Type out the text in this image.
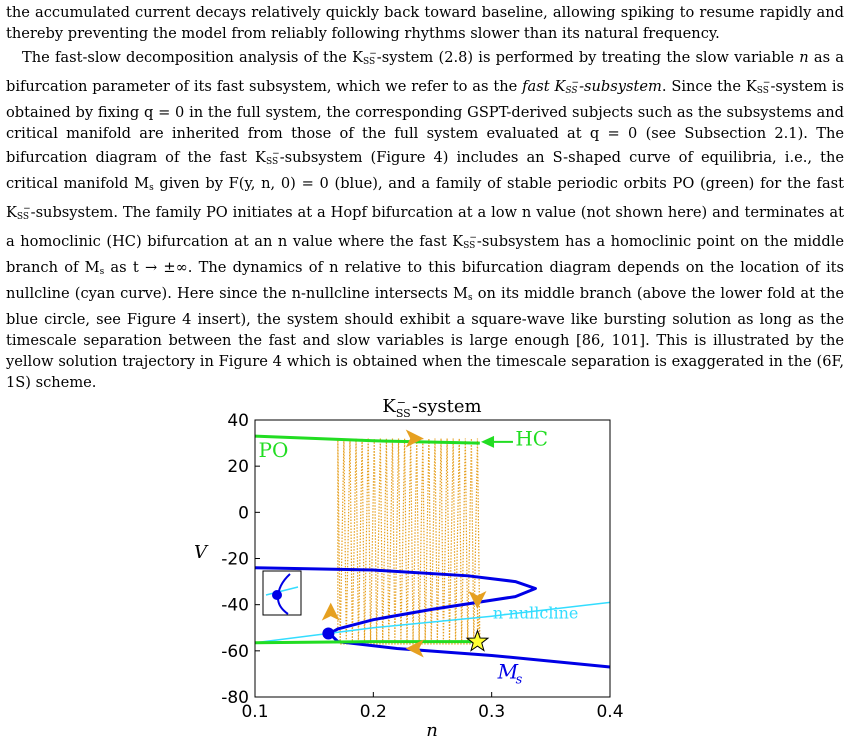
the accumulated current decays relatively quickly back toward baseline, allowing spiking to resume rapidly and thereby preventing the model from reliably following rhythms slower than its natural frequency.

The fast-slow decomposition analysis of the $K_{SS}^-$-system (2.8) is performed by treating the slow variable n as a bifurcation parameter of its fast subsystem, which we refer to as the fast $K_{SS}^-$-subsystem. Since the $K_{SS}^-$-system is obtained by fixing q = 0 in the full system, the corresponding GSPT-derived subjects such as the subsystems and critical manifold are inherited from those of the full system evaluated at q = 0 (see Subsection 2.1). The bifurcation diagram of the fast $K_{SS}^-$-subsystem (Figure 4) includes an S-shaped curve of equilibria, i.e., the critical manifold $M_s$ given by F(y, n, 0) = 0 (blue), and a family of stable periodic orbits PO (green) for the fast $K_{SS}^-$-subsystem. The family PO initiates at a Hopf bifurcation at a low n value (not shown here) and terminates at a homoclinic (HC) bifurcation at an n value where the fast $K_{SS}^-$-subsystem has a homoclinic point on the middle branch of $M_s$ as t → ±∞. The dynamics of n relative to this bifurcation diagram depends on the location of its nullcline (cyan curve). Here since the n-nullcline intersects $M_s$ on its middle branch (above the lower fold at the blue circle, see Figure 4 insert), the system should exhibit a square-wave like bursting solution as long as the timescale separation between the fast and slow variables is large enough [86, 101]. This is illustrated by the yellow solution trajectory in Figure 4 which is obtained when the timescale separation is exaggerated in the (6F, 1S) scheme.

$K_{SS}-$ -system
0.1	0.2	0.3	0.4
40
20
0
-20
-40
-60
-80
PO	HC
n-nullcline
M
s
V
n
